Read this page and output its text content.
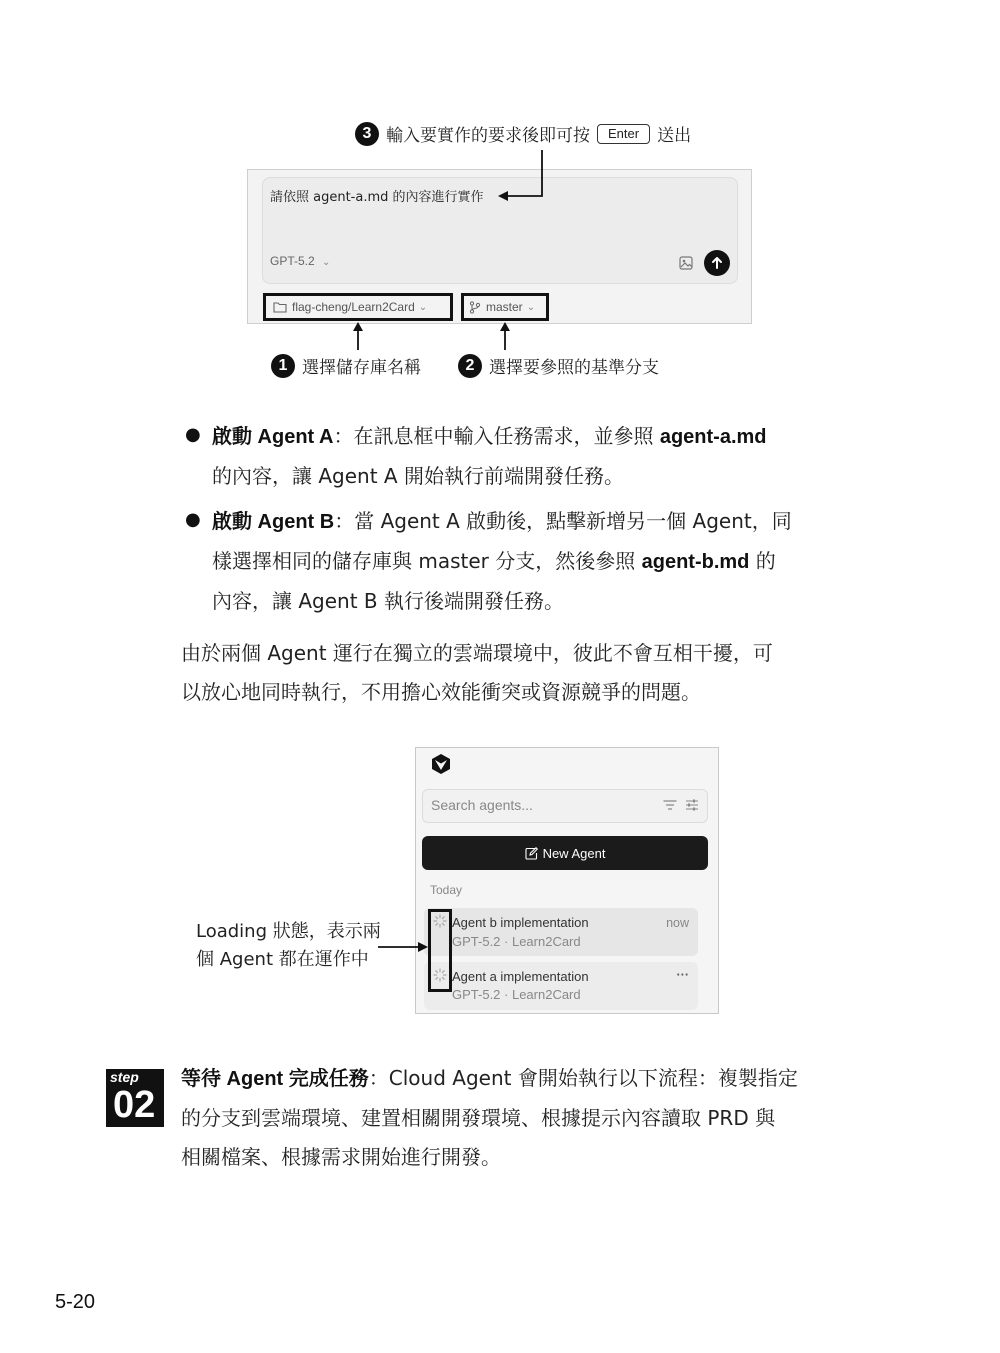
3 輸入要實作的要求後即可按	Enter	送出
請依照 agent-a.md 的內容進行實作
GPT-5.2 ⌄
flag-cheng/Learn2Card ⌄	master ⌄
1 選擇儲存庫名稱	2 選擇要參照的基準分支
● 啟動 Agent A：在訊息框中輸入任務需求，並參照 agent-a.md
的內容，讓 Agent A 開始執行前端開發任務。
● 啟動 Agent B：當 Agent A 啟動後，點擊新增另一個 Agent，同
樣選擇相同的儲存庫與 master 分支，然後參照 agent-b.md 的
內容，讓 Agent B 執行後端開發任務。
由於兩個 Agent 運行在獨立的雲端環境中，彼此不會互相干擾，可
以放心地同時執行，不用擔心效能衝突或資源競爭的問題。
Search agents...
New Agent
Today
Agent b implementation
GPT-5.2 · Learn2Card
now
Agent a implementation
GPT-5.2 · Learn2Card
···
Loading 狀態，表示兩
個 Agent 都在運作中
step
02
等待 Agent 完成任務：Cloud Agent 會開始執行以下流程：複製指定
的分支到雲端環境、建置相關開發環境、根據提示內容讀取 PRD 與
相關檔案、根據需求開始進行開發。
5-20
